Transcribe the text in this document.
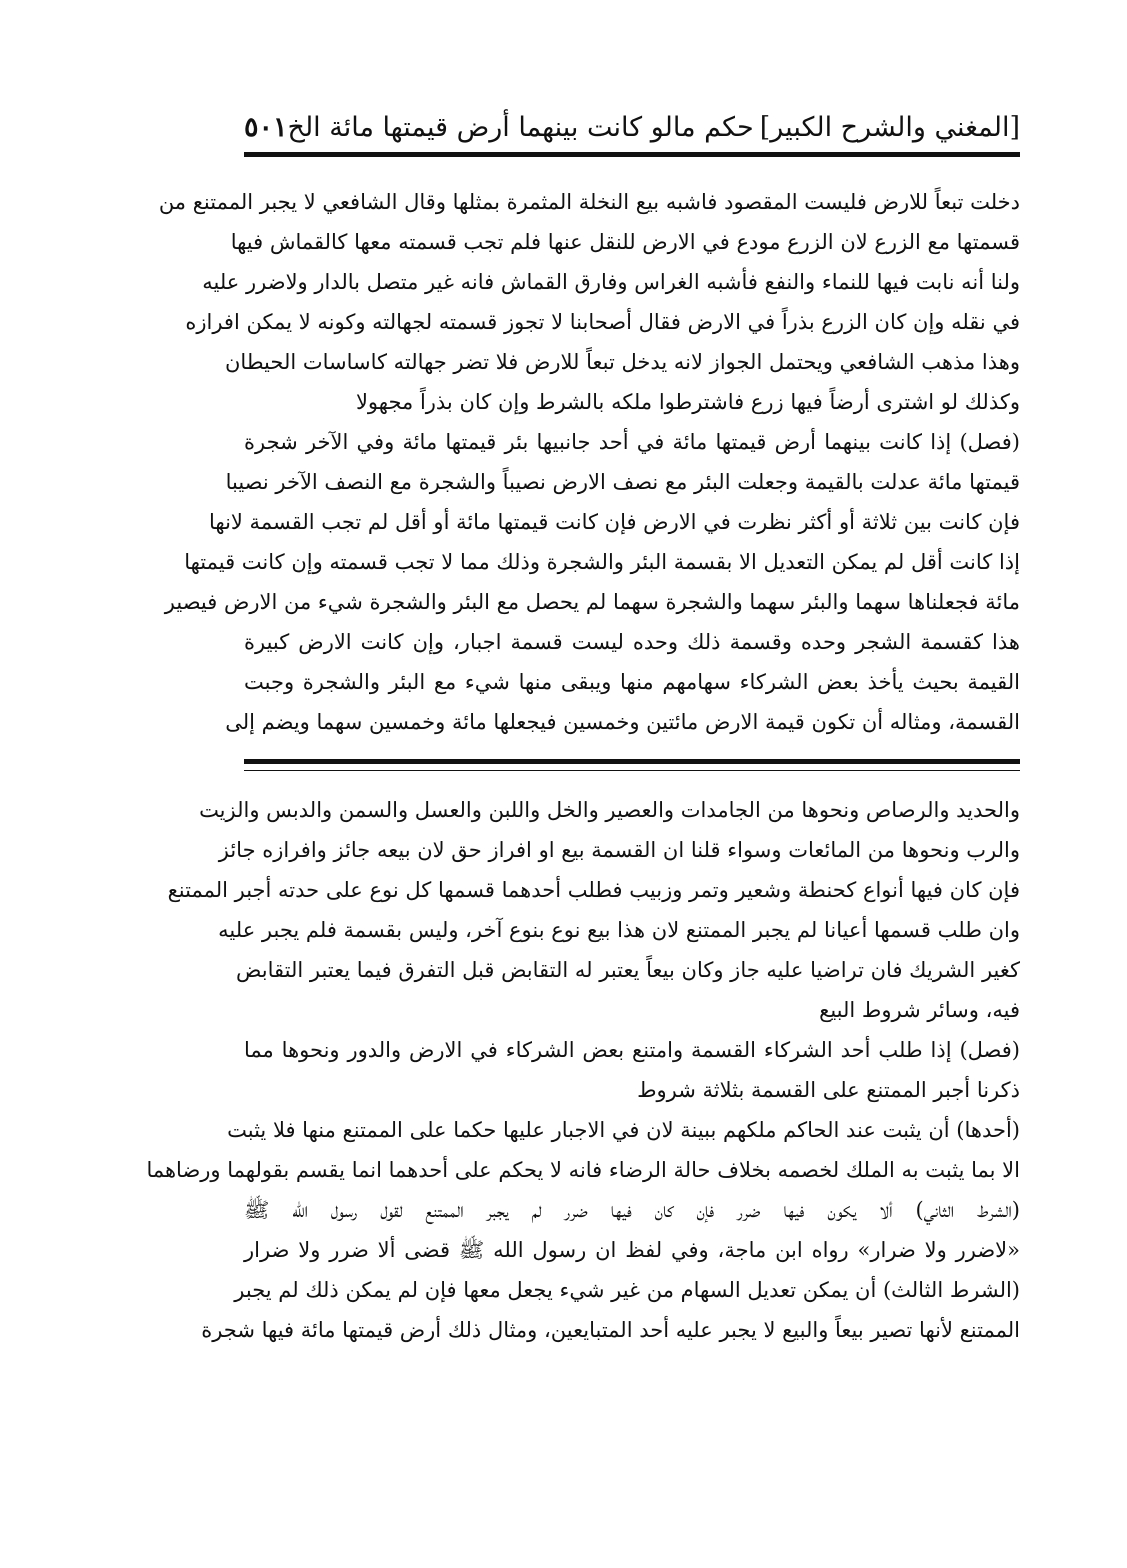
[المغني والشرح الكبير]
حكم مالو كانت بينهما أرض قيمتها مائة الخ
٥٠١
دخلت تبعاً للارض فليست المقصود فاشبه بيع النخلة المثمرة بمثلها وقال الشافعي لا يجبر الممتنع من
قسمتها مع الزرع لان الزرع مودع في الارض للنقل عنها فلم تجب قسمته معها كالقماش فيها
ولنا أنه نابت فيها للنماء والنفع فأشبه الغراس وفارق القماش فانه غير متصل بالدار ولاضرر عليه
في نقله وإن كان الزرع بذراً في الارض فقال أصحابنا لا تجوز قسمته لجهالته وكونه لا يمكن افرازه
وهذا مذهب الشافعي ويحتمل الجواز لانه يدخل تبعاً للارض فلا تضر جهالته كاساسات الحيطان
وكذلك لو اشترى أرضاً فيها زرع فاشترطوا ملكه بالشرط وإن كان بذراً مجهولا
(فصل) إذا كانت بينهما أرض قيمتها مائة في أحد جانبيها بئر قيمتها مائة وفي الآخر شجرة
قيمتها مائة عدلت بالقيمة وجعلت البئر مع نصف الارض نصيباً والشجرة مع النصف الآخر نصيبا
فإن كانت بين ثلاثة أو أكثر نظرت في الارض فإن كانت قيمتها مائة أو أقل لم تجب القسمة لانها
إذا كانت أقل لم يمكن التعديل الا بقسمة البئر والشجرة وذلك مما لا تجب قسمته وإن كانت قيمتها
مائة فجعلناها سهما والبئر سهما والشجرة سهما لم يحصل مع البئر والشجرة شيء من الارض فيصير
هذا كقسمة الشجر وحده وقسمة ذلك وحده ليست قسمة اجبار، وإن كانت الارض كبيرة
القيمة بحيث يأخذ بعض الشركاء سهامهم منها ويبقى منها شيء مع البئر والشجرة وجبت
القسمة، ومثاله أن تكون قيمة الارض مائتين وخمسين فيجعلها مائة وخمسين سهما ويضم إلى
والحديد والرصاص ونحوها من الجامدات والعصير والخل واللبن والعسل والسمن والدبس والزيت
والرب ونحوها من المائعات وسواء قلنا ان القسمة بيع او افراز حق لان بيعه جائز وافرازه جائز
فإن كان فيها أنواع كحنطة وشعير وتمر وزبيب فطلب أحدهما قسمها كل نوع على حدته أجبر الممتنع
وان طلب قسمها أعيانا لم يجبر الممتنع لان هذا بيع نوع بنوع آخر، وليس بقسمة فلم يجبر عليه
كغير الشريك فان تراضيا عليه جاز وكان بيعاً يعتبر له التقابض قبل التفرق فيما يعتبر التقابض
فيه، وسائر شروط البيع
(فصل) إذا طلب أحد الشركاء القسمة وامتنع بعض الشركاء في الارض والدور ونحوها مما
ذكرنا أجبر الممتنع على القسمة بثلاثة شروط
(أحدها) أن يثبت عند الحاكم ملكهم ببينة لان في الاجبار عليها حكما على الممتنع منها فلا يثبت
الا بما يثبت به الملك لخصمه بخلاف حالة الرضاء فانه لا يحكم على أحدهما انما يقسم بقولهما ورضاهما
(الشرط الثاني) ألا يكون فيها ضرر فإن كان فيها ضرر لم يجبر الممتنع لقول رسول الله ﷺ
«لاضرر ولا ضرار» رواه ابن ماجة، وفي لفظ ان رسول الله ﷺ قضى ألا ضرر ولا ضرار
(الشرط الثالث) أن يمكن تعديل السهام من غير شيء يجعل معها فإن لم يمكن ذلك لم يجبر
الممتنع لأنها تصير بيعاً والبيع لا يجبر عليه أحد المتبايعين، ومثال ذلك أرض قيمتها مائة فيها شجرة
